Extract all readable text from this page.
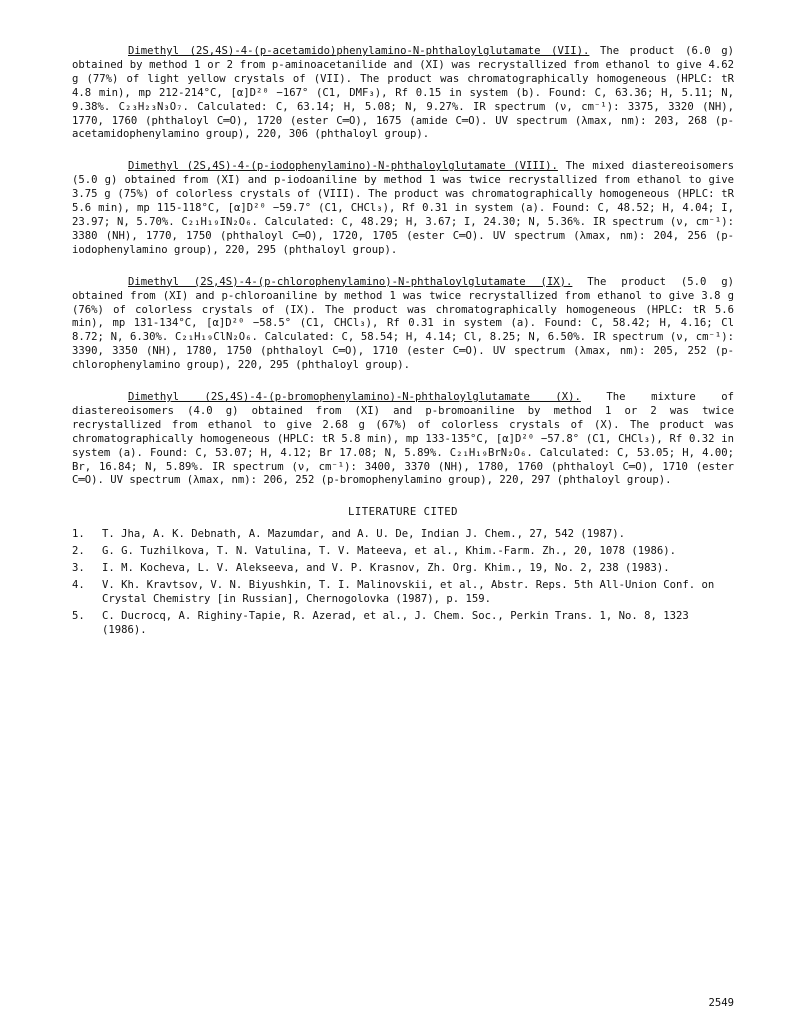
Dimethyl (2S,4S)-4-(p-acetamido)phenylamino-N-phthaloylglutamate (VII). The product (6.0 g) obtained by method 1 or 2 from p-aminoacetanilide and (XI) was recrystallized from ethanol to give 4.62 g (77%) of light yellow crystals of (VII). The product was chromatographically homogeneous (HPLC: tR 4.8 min), mp 212-214°C, [α]D²⁰ −167° (C1, DMF₃), Rf 0.15 in system (b). Found: C, 63.36; H, 5.11; N, 9.38%. C₂₃H₂₃N₃O₇. Calculated: C, 63.14; H, 5.08; N, 9.27%. IR spectrum (ν, cm⁻¹): 3375, 3320 (NH), 1770, 1760 (phthaloyl C═O), 1720 (ester C═O), 1675 (amide C═O). UV spectrum (λmax, nm): 203, 268 (p-acetamidophenylamino group), 220, 306 (phthaloyl group).

Dimethyl (2S,4S)-4-(p-iodophenylamino)-N-phthaloylglutamate (VIII). The mixed diastereoisomers (5.0 g) obtained from (XI) and p-iodoaniline by method 1 was twice recrystallized from ethanol to give 3.75 g (75%) of colorless crystals of (VIII). The product was chromatographically homogeneous (HPLC: tR 5.6 min), mp 115-118°C, [α]D²⁰ −59.7° (C1, CHCl₃), Rf 0.31 in system (a). Found: C, 48.52; H, 4.04; I, 23.97; N, 5.70%. C₂₁H₁₉IN₂O₆. Calculated: C, 48.29; H, 3.67; I, 24.30; N, 5.36%. IR spectrum (ν, cm⁻¹): 3380 (NH), 1770, 1750 (phthaloyl C═O), 1720, 1705 (ester C═O). UV spectrum (λmax, nm): 204, 256 (p-iodophenylamino group), 220, 295 (phthaloyl group).

Dimethyl (2S,4S)-4-(p-chlorophenylamino)-N-phthaloylglutamate (IX). The product (5.0 g) obtained from (XI) and p-chloroaniline by method 1 was twice recrystallized from ethanol to give 3.8 g (76%) of colorless crystals of (IX). The product was chromatographically homogeneous (HPLC: tR 5.6 min), mp 131-134°C, [α]D²⁰ −58.5° (C1, CHCl₃), Rf 0.31 in system (a). Found: C, 58.42; H, 4.16; Cl 8.72; N, 6.30%. C₂₁H₁₉ClN₂O₆. Calculated: C, 58.54; H, 4.14; Cl, 8.25; N, 6.50%. IR spectrum (ν, cm⁻¹): 3390, 3350 (NH), 1780, 1750 (phthaloyl C═O), 1710 (ester C═O). UV spectrum (λmax, nm): 205, 252 (p-chlorophenylamino group), 220, 295 (phthaloyl group).

Dimethyl (2S,4S)-4-(p-bromophenylamino)-N-phthaloylglutamate (X). The mixture of diastereoisomers (4.0 g) obtained from (XI) and p-bromoaniline by method 1 or 2 was twice recrystallized from ethanol to give 2.68 g (67%) of colorless crystals of (X). The product was chromatographically homogeneous (HPLC: tR 5.8 min), mp 133-135°C, [α]D²⁰ −57.8° (C1, CHCl₃), Rf 0.32 in system (a). Found: C, 53.07; H, 4.12; Br 17.08; N, 5.89%. C₂₁H₁₉BrN₂O₆. Calculated: C, 53.05; H, 4.00; Br, 16.84; N, 5.89%. IR spectrum (ν, cm⁻¹): 3400, 3370 (NH), 1780, 1760 (phthaloyl C═O), 1710 (ester C═O). UV spectrum (λmax, nm): 206, 252 (p-bromophenylamino group), 220, 297 (phthaloyl group).

LITERATURE CITED
1.	T. Jha, A. K. Debnath, A. Mazumdar, and A. U. De, Indian J. Chem., 27, 542 (1987).
2.	G. G. Tuzhilkova, T. N. Vatulina, T. V. Mateeva, et al., Khim.-Farm. Zh., 20, 1078 (1986).
3.	I. M. Kocheva, L. V. Alekseeva, and V. P. Krasnov, Zh. Org. Khim., 19, No. 2, 238 (1983).
4.	V. Kh. Kravtsov, V. N. Biyushkin, T. I. Malinovskii, et al., Abstr. Reps. 5th All-Union Conf. on Crystal Chemistry [in Russian], Chernogolovka (1987), p. 159.
5.	C. Ducrocq, A. Righiny-Tapie, R. Azerad, et al., J. Chem. Soc., Perkin Trans. 1, No. 8, 1323 (1986).
2549
